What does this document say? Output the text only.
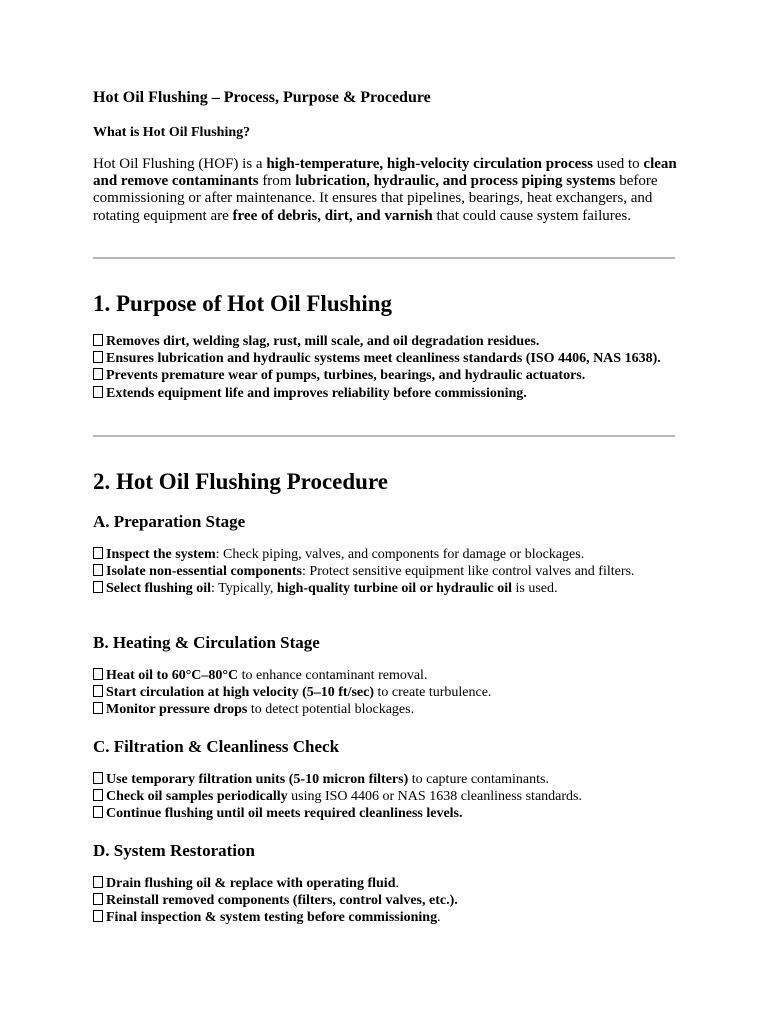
Hot Oil Flushing – Process, Purpose & Procedure
What is Hot Oil Flushing?

Hot Oil Flushing (HOF) is a high-temperature, high-velocity circulation process used to clean and remove contaminants from lubrication, hydraulic, and process piping systems before commissioning or after maintenance. It ensures that pipelines, bearings, heat exchangers, and rotating equipment are free of debris, dirt, and varnish that could cause system failures.

1. Purpose of Hot Oil Flushing
Removes dirt, welding slag, rust, mill scale, and oil degradation residues.
Ensures lubrication and hydraulic systems meet cleanliness standards (ISO 4406, NAS 1638).
Prevents premature wear of pumps, turbines, bearings, and hydraulic actuators.
Extends equipment life and improves reliability before commissioning.
2. Hot Oil Flushing Procedure
A. Preparation Stage
Inspect the system: Check piping, valves, and components for damage or blockages.
Isolate non-essential components: Protect sensitive equipment like control valves and filters.
Select flushing oil: Typically, high-quality turbine oil or hydraulic oil is used.
B. Heating & Circulation Stage
Heat oil to 60°C–80°C to enhance contaminant removal.
Start circulation at high velocity (5–10 ft/sec) to create turbulence.
Monitor pressure drops to detect potential blockages.
C. Filtration & Cleanliness Check
Use temporary filtration units (5-10 micron filters) to capture contaminants.
Check oil samples periodically using ISO 4406 or NAS 1638 cleanliness standards.
Continue flushing until oil meets required cleanliness levels.
D. System Restoration
Drain flushing oil & replace with operating fluid.
Reinstall removed components (filters, control valves, etc.).
Final inspection & system testing before commissioning.
